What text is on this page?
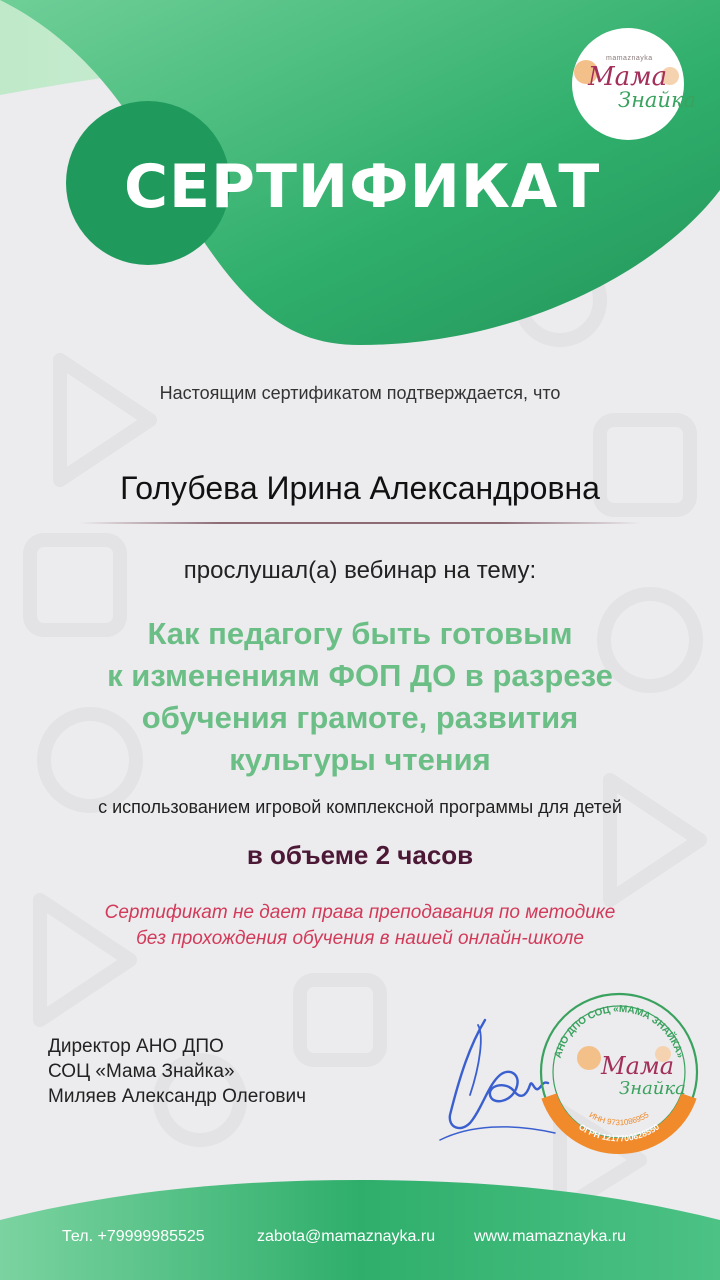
mamaznayka
Мама
Знайка
СЕРТИФИКАТ
Настоящим сертификатом подтверждается, что
Голубева Ирина Александровна
прослушал(а) вебинар на тему:
Как педагогу быть готовым
к изменениям ФОП ДО в разрезе
обучения грамоте, развития
культуры чтения
с использованием игровой комплексной программы для детей
в объеме 2 часов
Сертификат не дает права преподавания по методике
без прохождения обучения в нашей онлайн-школе
Директор АНО ДПО
СОЦ «Мама Знайка»
Миляев Александр Олегович
АНО ДПО СОЦ «МАМА ЗНАЙКА»
ИНН 9731086955
ОГРН 1217700628550
Мама
Знайка
Тел. +79999985525	zabota@mamaznayka.ru www.mamaznayka.ru
